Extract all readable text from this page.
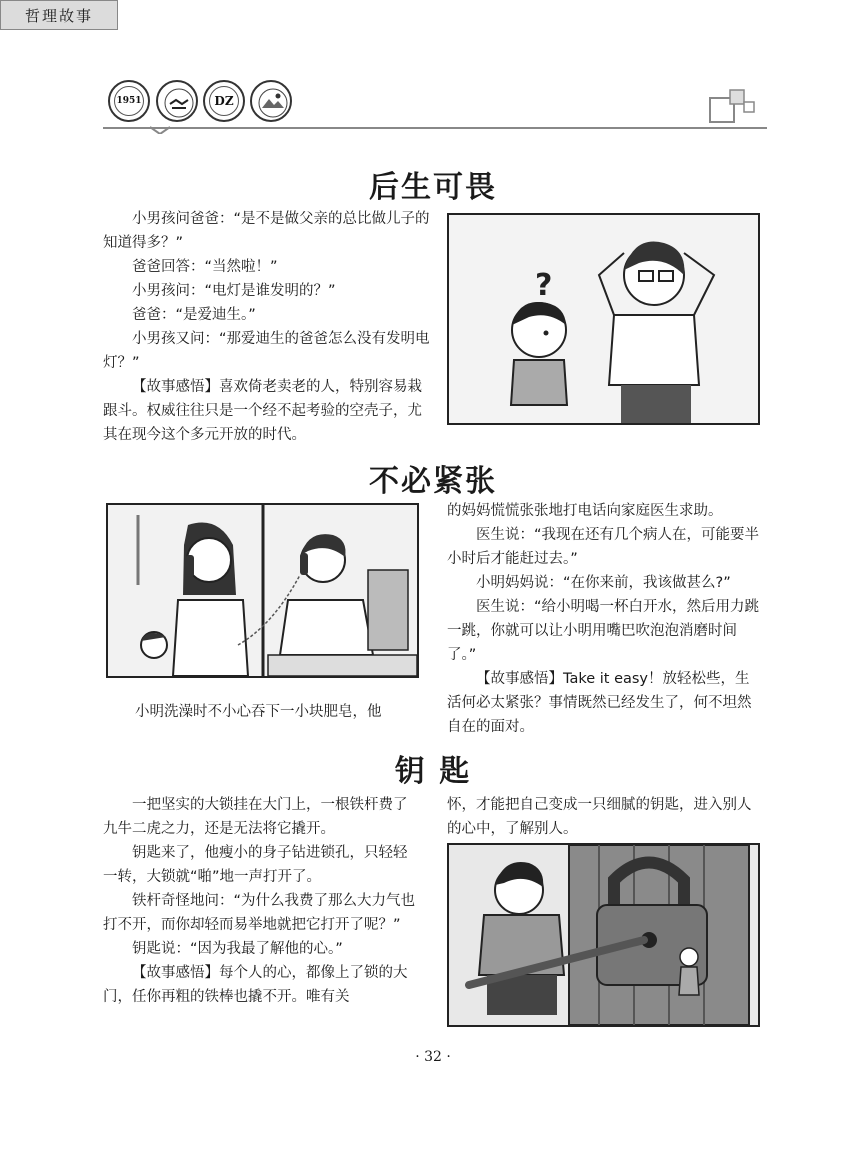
1951	DZ
哲理故事
后生可畏

小男孩问爸爸：“是不是做父亲的总比做儿子的知道得多？”

爸爸回答：“当然啦！”

小男孩问：“电灯是谁发明的？”

爸爸：“是爱迪生。”

小男孩又问：“那爱迪生的爸爸怎么没有发明电灯？”

【故事感悟】喜欢倚老卖老的人，特别容易栽跟斗。权威往往只是一个经不起考验的空壳子，尤其在现今这个多元开放的时代。

?
不必紧张

小明洗澡时不小心吞下一小块肥皂，他

的妈妈慌慌张张地打电话向家庭医生求助。

医生说：“我现在还有几个病人在，可能要半小时后才能赶过去。”

小明妈妈说：“在你来前，我该做甚么?”

医生说：“给小明喝一杯白开水，然后用力跳一跳，你就可以让小明用嘴巴吹泡泡消磨时间了。”

【故事感悟】Take it easy！放轻松些，生活何必太紧张？事情既然已经发生了，何不坦然自在的面对。

钥 匙

一把坚实的大锁挂在大门上，一根铁杆费了九牛二虎之力，还是无法将它撬开。

钥匙来了，他瘦小的身子钻进锁孔，只轻轻一转，大锁就“啪”地一声打开了。

铁杆奇怪地问：“为什么我费了那么大力气也打不开，而你却轻而易举地就把它打开了呢？”

钥匙说：“因为我最了解他的心。”

【故事感悟】每个人的心，都像上了锁的大门，任你再粗的铁棒也撬不开。唯有关

怀，才能把自己变成一只细腻的钥匙，进入别人的心中，了解别人。

· 32 ·
